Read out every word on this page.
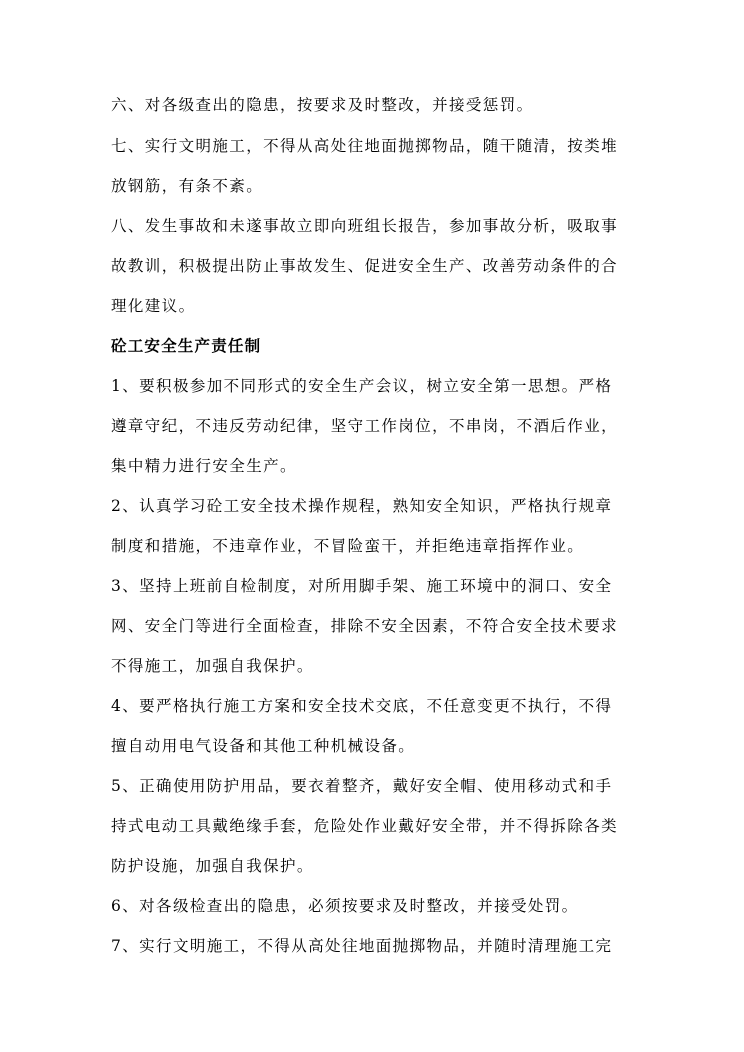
六、对各级查出的隐患，按要求及时整改，并接受惩罚。

七、实行文明施工，不得从高处往地面抛掷物品，随干随清，按类堆

放钢筋，有条不紊。

八、发生事故和未遂事故立即向班组长报告，参加事故分析，吸取事

故教训，积极提出防止事故发生、促进安全生产、改善劳动条件的合

理化建议。

砼工安全生产责任制

1、要积极参加不同形式的安全生产会议，树立安全第一思想。严格

遵章守纪，不违反劳动纪律，坚守工作岗位，不串岗，不酒后作业，

集中精力进行安全生产。

2、认真学习砼工安全技术操作规程，熟知安全知识，严格执行规章

制度和措施，不违章作业，不冒险蛮干，并拒绝违章指挥作业。

3、坚持上班前自检制度，对所用脚手架、施工环境中的洞口、安全

网、安全门等进行全面检查，排除不安全因素，不符合安全技术要求

不得施工，加强自我保护。

4、要严格执行施工方案和安全技术交底，不任意变更不执行，不得

擅自动用电气设备和其他工种机械设备。

5、正确使用防护用品，要衣着整齐，戴好安全帽、使用移动式和手

持式电动工具戴绝缘手套，危险处作业戴好安全带，并不得拆除各类

防护设施，加强自我保护。

6、对各级检查出的隐患，必须按要求及时整改，并接受处罚。

7、实行文明施工，不得从高处往地面抛掷物品，并随时清理施工完
